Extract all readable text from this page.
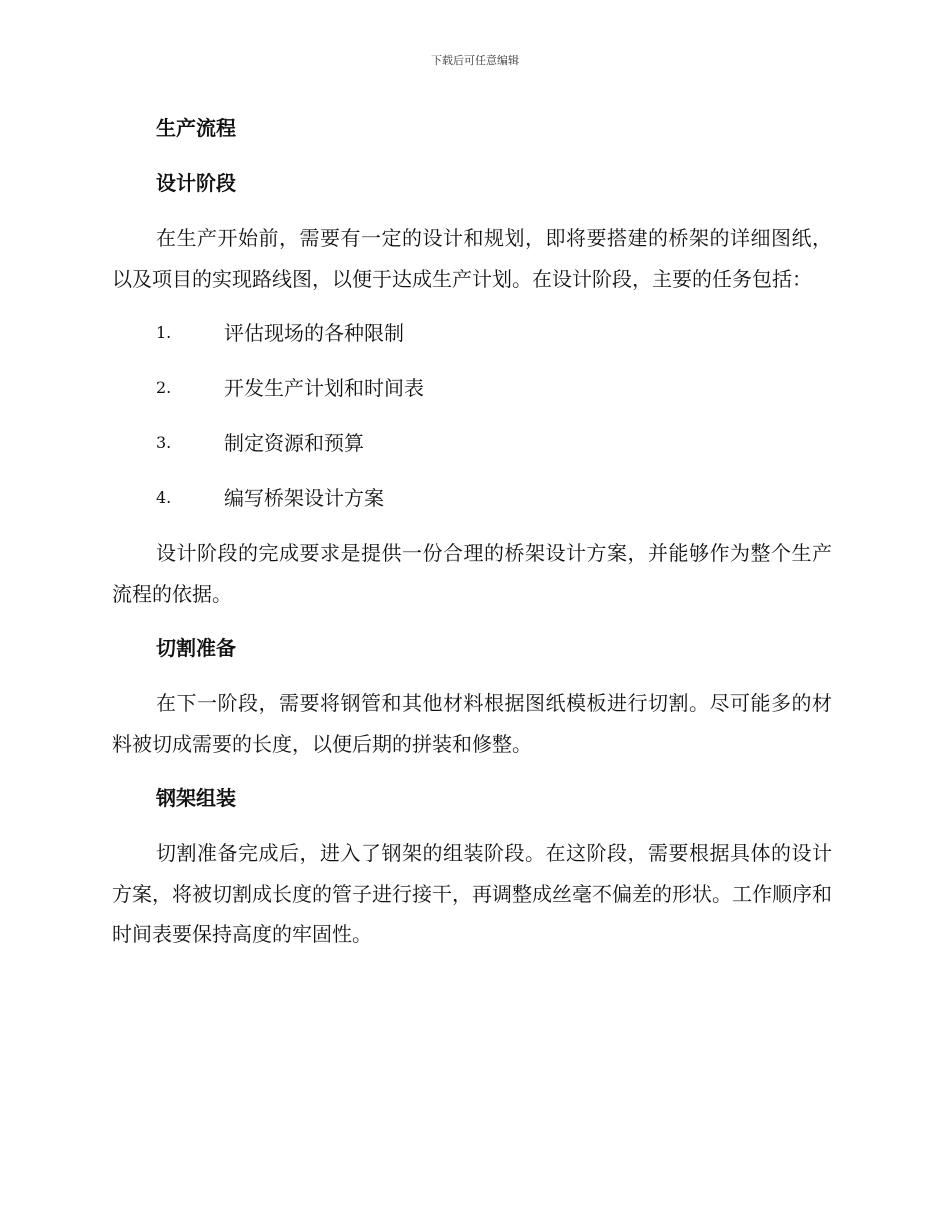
下载后可任意编辑
生产流程
设计阶段

在生产开始前，需要有一定的设计和规划，即将要搭建的桥架的详细图纸，以及项目的实现路线图，以便于达成生产计划。在设计阶段，主要的任务包括：

1.	评估现场的各种限制
2.	开发生产计划和时间表
3.	制定资源和预算
4.	编写桥架设计方案

设计阶段的完成要求是提供一份合理的桥架设计方案，并能够作为整个生产流程的依据。

切割准备

在下一阶段，需要将钢管和其他材料根据图纸模板进行切割。尽可能多的材料被切成需要的长度，以便后期的拼装和修整。

钢架组装

切割准备完成后，进入了钢架的组装阶段。在这阶段，需要根据具体的设计方案，将被切割成长度的管子进行接干，再调整成丝毫不偏差的形状。工作顺序和时间表要保持高度的牢固性。
